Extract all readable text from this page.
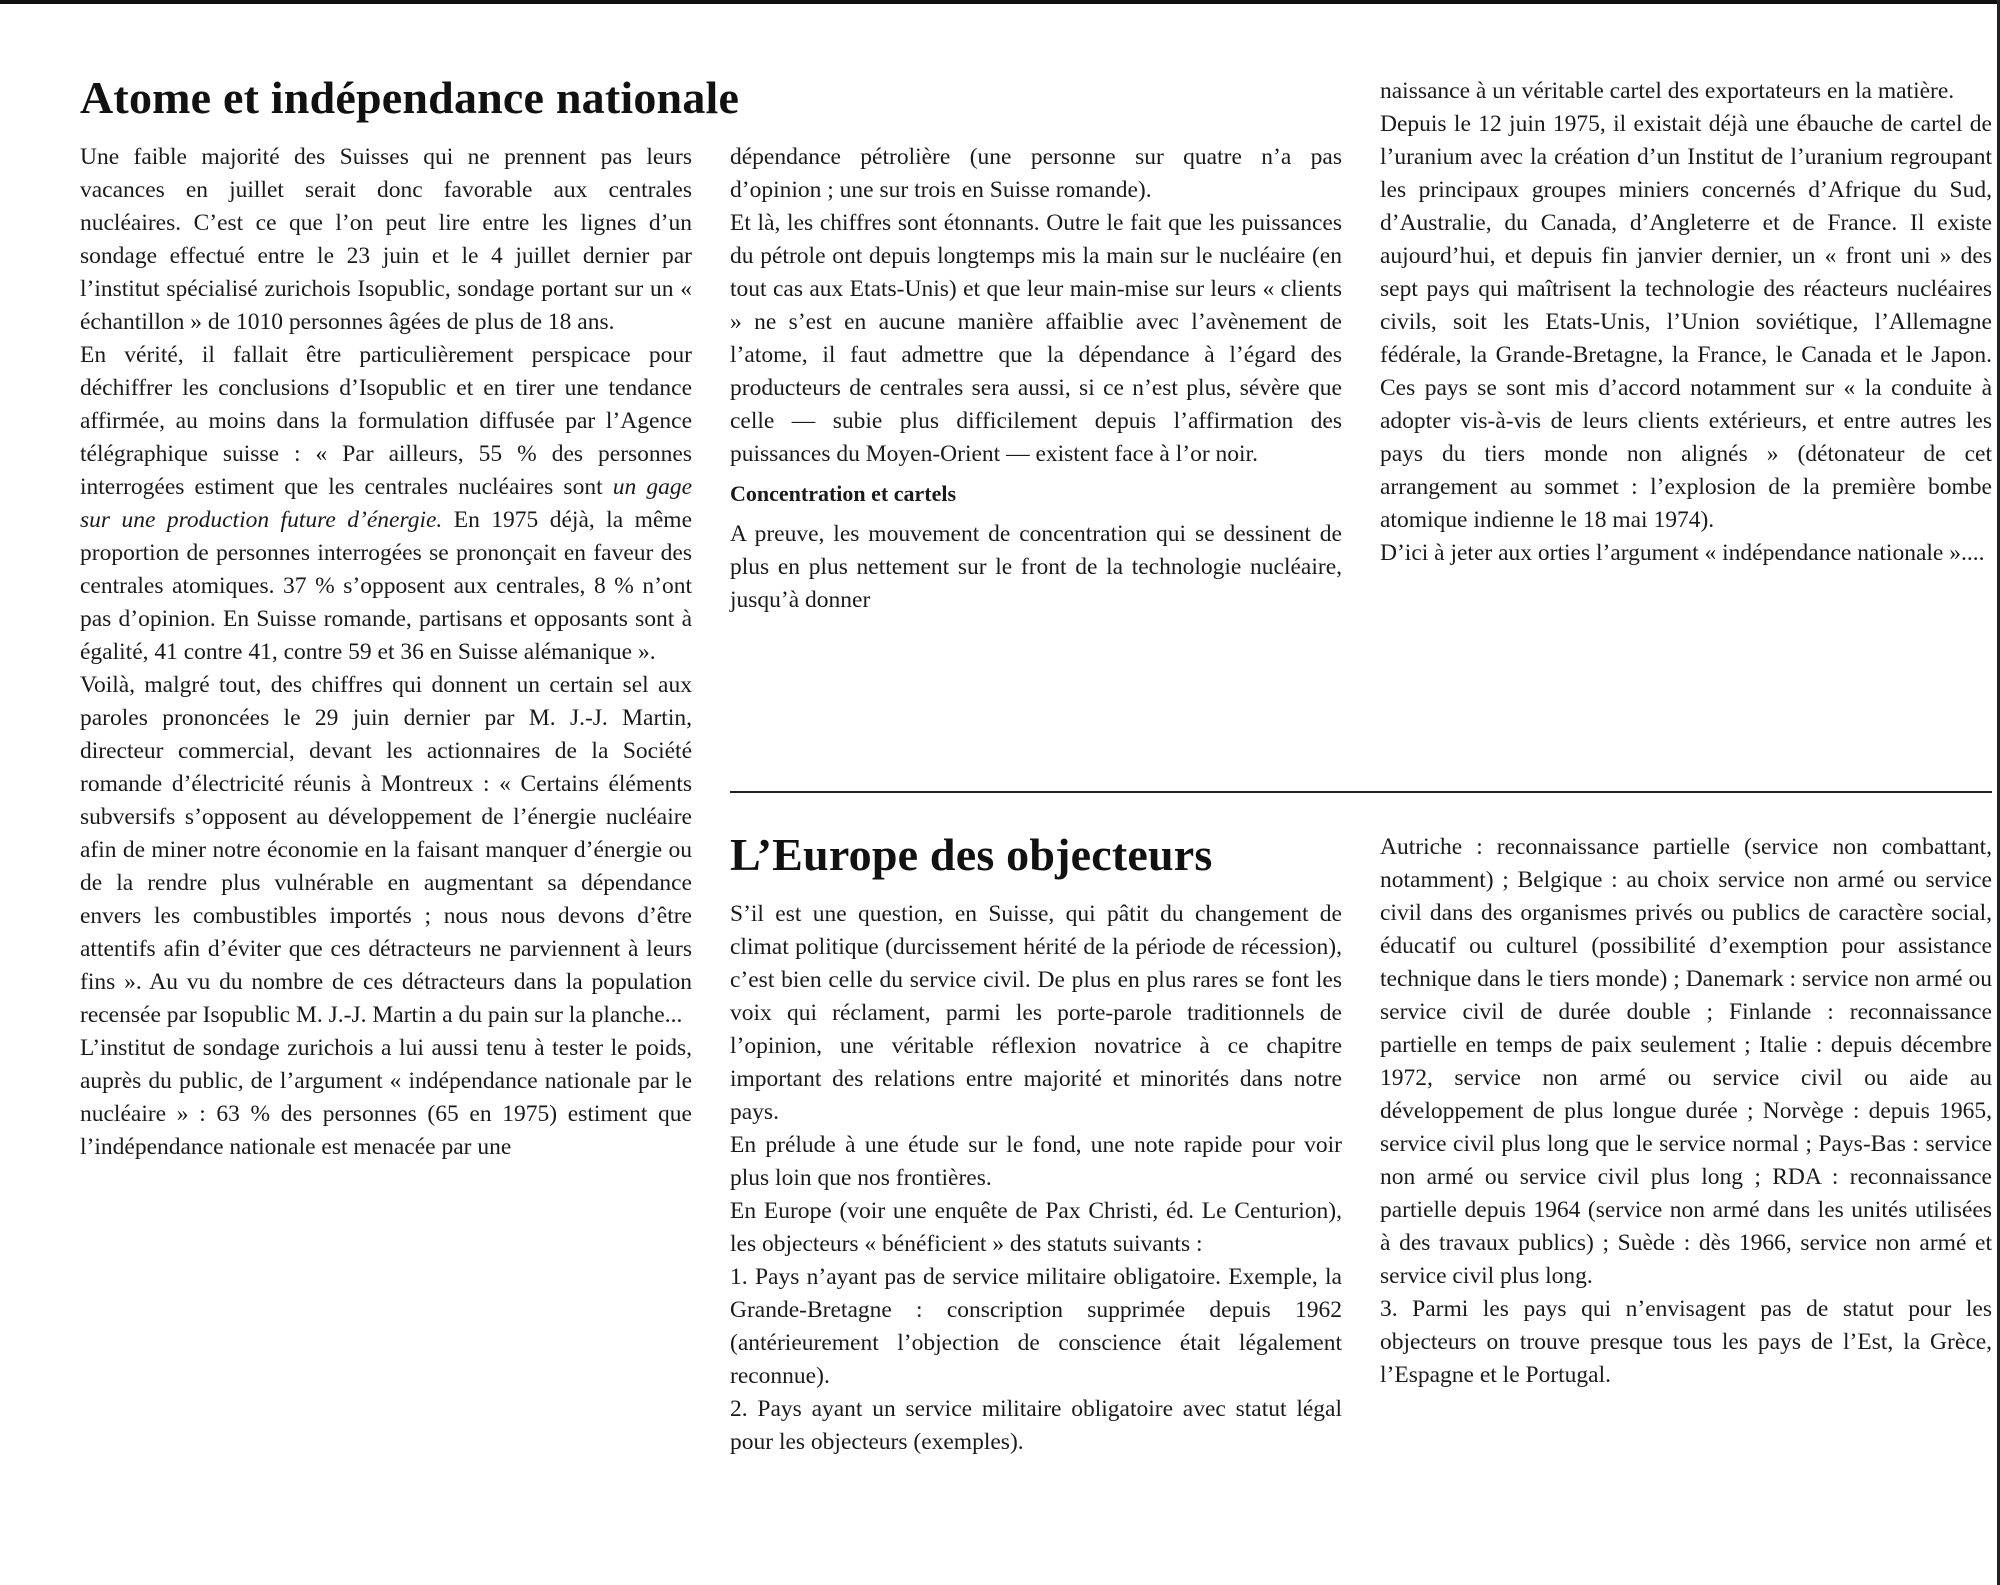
Atome et indépendance nationale

Une faible majorité des Suisses qui ne prennent pas leurs vacances en juillet serait donc favorable aux centrales nucléaires. C’est ce que l’on peut lire entre les lignes d’un sondage effectué entre le 23 juin et le 4 juillet dernier par l’institut spécialisé zurichois Isopublic, sondage portant sur un « échantillon » de 1010 personnes âgées de plus de 18 ans.

En vérité, il fallait être particulièrement perspicace pour déchiffrer les conclusions d’Isopublic et en tirer une tendance affirmée, au moins dans la formulation diffusée par l’Agence télégraphique suisse : « Par ailleurs, 55 % des personnes interrogées estiment que les centrales nucléaires sont un gage sur une production future d’énergie. En 1975 déjà, la même proportion de personnes interrogées se prononçait en faveur des centrales atomiques. 37 % s’opposent aux centrales, 8 % n’ont pas d’opinion. En Suisse romande, partisans et opposants sont à égalité, 41 contre 41, contre 59 et 36 en Suisse alémanique ».

Voilà, malgré tout, des chiffres qui donnent un certain sel aux paroles prononcées le 29 juin dernier par M. J.-J. Martin, directeur commercial, devant les actionnaires de la Société romande d’électricité réunis à Montreux : « Certains éléments subversifs s’opposent au développement de l’énergie nucléaire afin de miner notre économie en la faisant manquer d’énergie ou de la rendre plus vulnérable en augmentant sa dépendance envers les combustibles importés ; nous nous devons d’être attentifs afin d’éviter que ces détracteurs ne parviennent à leurs fins ». Au vu du nombre de ces détracteurs dans la population recensée par Isopublic M. J.-J. Martin a du pain sur la planche...

L’institut de sondage zurichois a lui aussi tenu à tester le poids, auprès du public, de l’argument « indépendance nationale par le nucléaire » : 63 % des personnes (65 en 1975) estiment que l’indépendance nationale est menacée par une

dépendance pétrolière (une personne sur quatre n’a pas d’opinion ; une sur trois en Suisse romande).

Et là, les chiffres sont étonnants. Outre le fait que les puissances du pétrole ont depuis longtemps mis la main sur le nucléaire (en tout cas aux Etats-Unis) et que leur main-mise sur leurs « clients » ne s’est en aucune manière affaiblie avec l’avènement de l’atome, il faut admettre que la dépendance à l’égard des producteurs de centrales sera aussi, si ce n’est plus, sévère que celle — subie plus difficilement depuis l’affirmation des puissances du Moyen-Orient — existent face à l’or noir.

Concentration et cartels

A preuve, les mouvement de concentration qui se dessinent de plus en plus nettement sur le front de la technologie nucléaire, jusqu’à donner

naissance à un véritable cartel des exportateurs en la matière.

Depuis le 12 juin 1975, il existait déjà une ébauche de cartel de l’uranium avec la création d’un Institut de l’uranium regroupant les principaux groupes miniers concernés d’Afrique du Sud, d’Australie, du Canada, d’Angleterre et de France. Il existe aujourd’hui, et depuis fin janvier dernier, un « front uni » des sept pays qui maîtrisent la technologie des réacteurs nucléaires civils, soit les Etats-Unis, l’Union soviétique, l’Allemagne fédérale, la Grande-Bretagne, la France, le Canada et le Japon. Ces pays se sont mis d’accord notamment sur « la conduite à adopter vis-à-vis de leurs clients extérieurs, et entre autres les pays du tiers monde non alignés » (détonateur de cet arrangement au sommet : l’explosion de la première bombe atomique indienne le 18 mai 1974).

D’ici à jeter aux orties l’argument « indépendance nationale »....

L’Europe des objecteurs

S’il est une question, en Suisse, qui pâtit du changement de climat politique (durcissement hérité de la période de récession), c’est bien celle du service civil. De plus en plus rares se font les voix qui réclament, parmi les porte-parole traditionnels de l’opinion, une véritable réflexion novatrice à ce chapitre important des relations entre majorité et minorités dans notre pays.

En prélude à une étude sur le fond, une note rapide pour voir plus loin que nos frontières.

En Europe (voir une enquête de Pax Christi, éd. Le Centurion), les objecteurs « bénéficient » des statuts suivants :

1. Pays n’ayant pas de service militaire obligatoire. Exemple, la Grande-Bretagne : conscription supprimée depuis 1962 (antérieurement l’objection de conscience était légalement reconnue).

2. Pays ayant un service militaire obligatoire avec statut légal pour les objecteurs (exemples).

Autriche : reconnaissance partielle (service non combattant, notamment) ; Belgique : au choix service non armé ou service civil dans des organismes privés ou publics de caractère social, éducatif ou culturel (possibilité d’exemption pour assistance technique dans le tiers monde) ; Danemark : service non armé ou service civil de durée double ; Finlande : reconnaissance partielle en temps de paix seulement ; Italie : depuis décembre 1972, service non armé ou service civil ou aide au développement de plus longue durée ; Norvège : depuis 1965, service civil plus long que le service normal ; Pays-Bas : service non armé ou service civil plus long ; RDA : reconnaissance partielle depuis 1964 (service non armé dans les unités utilisées à des travaux publics) ; Suède : dès 1966, service non armé et service civil plus long.

3. Parmi les pays qui n’envisagent pas de statut pour les objecteurs on trouve presque tous les pays de l’Est, la Grèce, l’Espagne et le Portugal.
